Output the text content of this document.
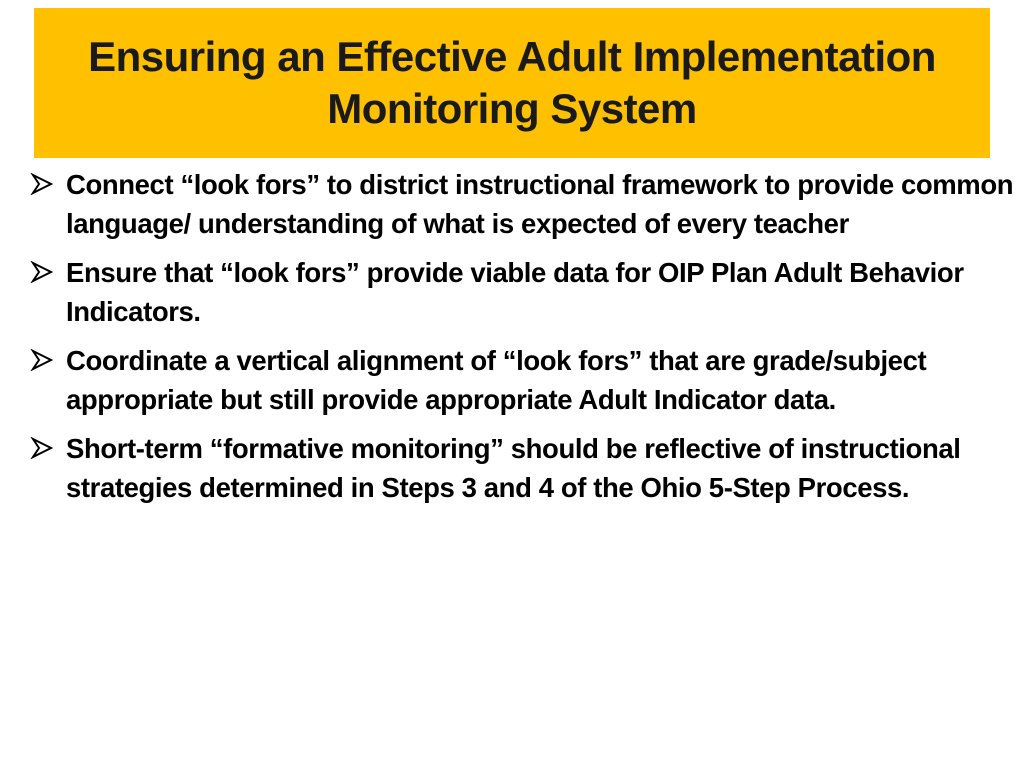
Ensuring an Effective Adult Implementation Monitoring System
Connect “look fors” to district instructional framework to provide common language/ understanding of what is expected of every teacher
Ensure that “look fors” provide viable data for OIP Plan Adult Behavior Indicators.
Coordinate a vertical alignment of “look fors” that are grade/subject appropriate but still provide appropriate Adult Indicator data.
Short-term “formative monitoring” should be reflective of instructional strategies determined in Steps 3 and 4 of the Ohio 5-Step Process.
